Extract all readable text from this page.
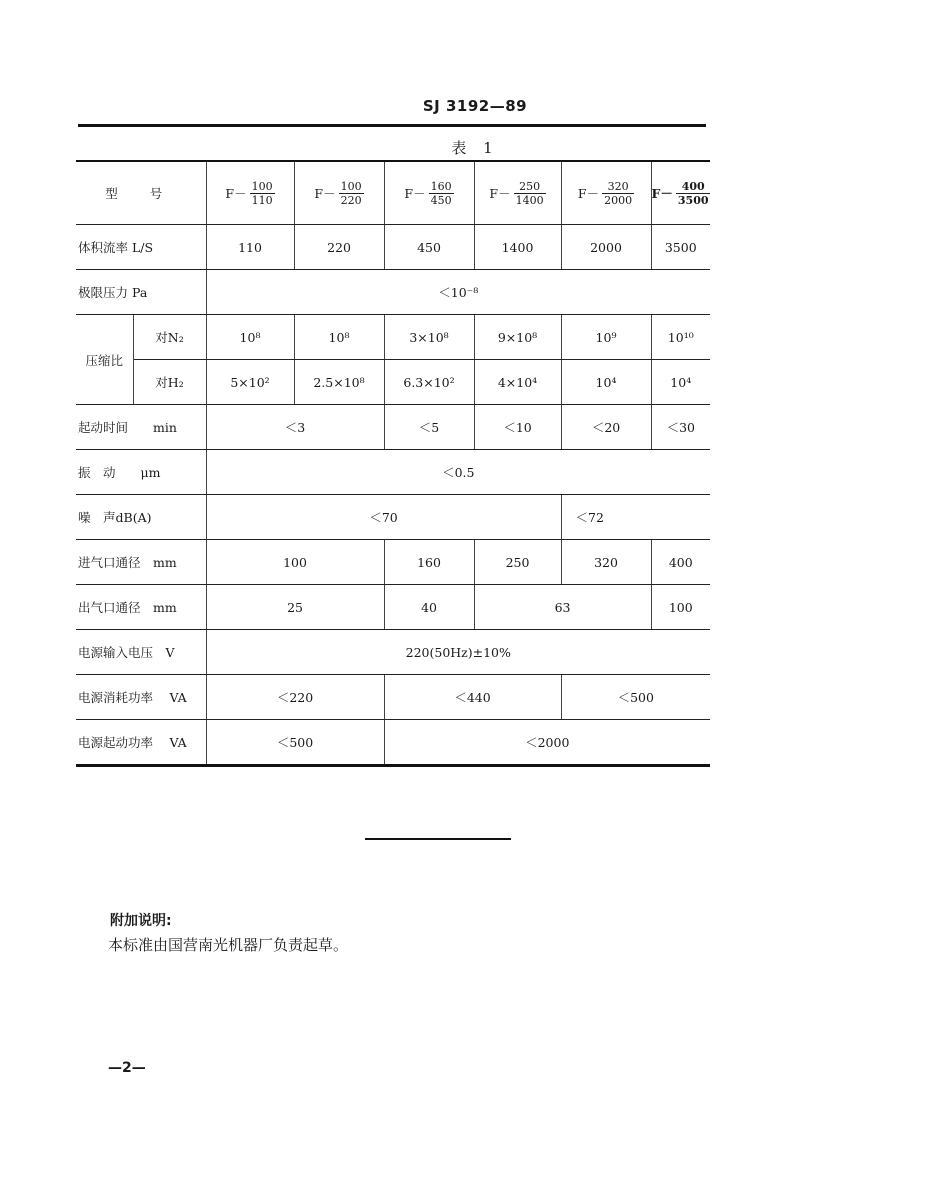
SJ 3192—89
表 1
型 号		$F- \frac{100}{110}$	$F- \frac{100}{220}$	$F- \frac{160}{450}$	$F- \frac{250}{1400}$	$F- \frac{320}{2000}$	$F- \frac{400}{3500}$

体积流率 L/S		110	220	450	1400	2000	3500
极限压力 Pa		＜10⁻⁸					
压缩比	对N₂	10⁸	10⁸	3×10⁸	9×10⁸	10⁹	10¹⁰
	对H₂	5×10²	2.5×10⁸	6.3×10²	4×10⁴	10⁴	10⁴
起动时间　　min		＜3		＜5	＜10	＜20	＜30
振　动　　μm		＜0.5					
噪　声dB(A)		＜70				＜72	
进气口通径　mm		100		160	250	320	400
出气口通径　mm		25		40	63		100
电源输入电压　V		220(50Hz)±10%					
电源消耗功率　 VA		＜220		＜440		＜500	
电源起动功率　 VA		＜500		＜2000			
附加说明:
本标准由国营南光机器厂负责起草。
—2—
